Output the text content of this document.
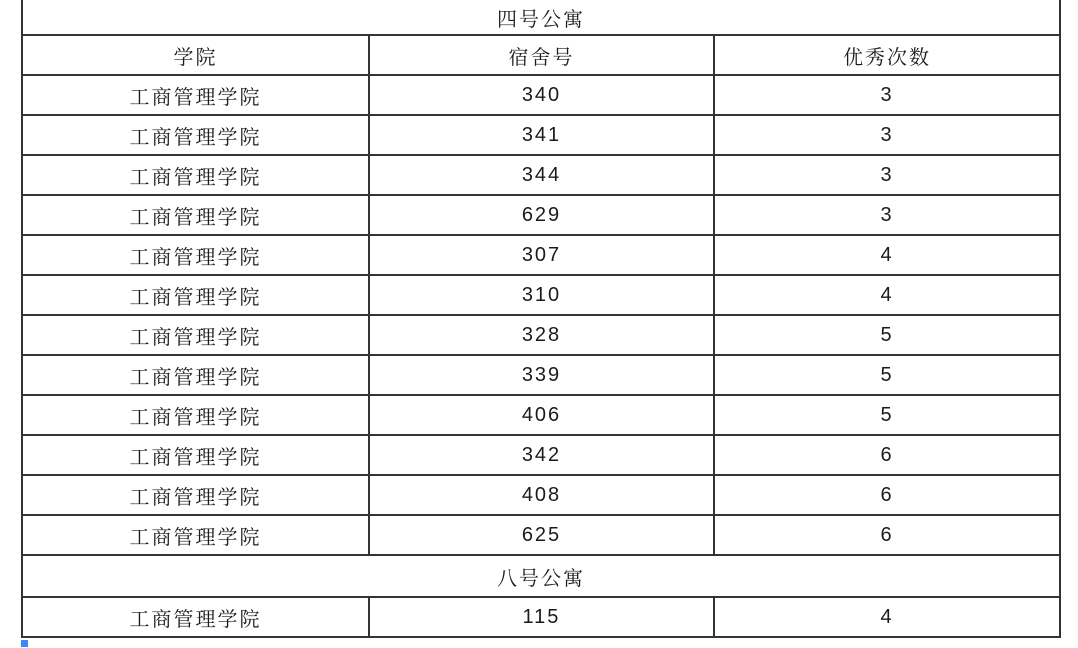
四号公寓		
学院	宿舍号	优秀次数
工商管理学院	340	3
工商管理学院	341	3
工商管理学院	344	3
工商管理学院	629	3
工商管理学院	307	4
工商管理学院	310	4
工商管理学院	328	5
工商管理学院	339	5
工商管理学院	406	5
工商管理学院	342	6
工商管理学院	408	6
工商管理学院	625	6
八号公寓		
工商管理学院	115	4
